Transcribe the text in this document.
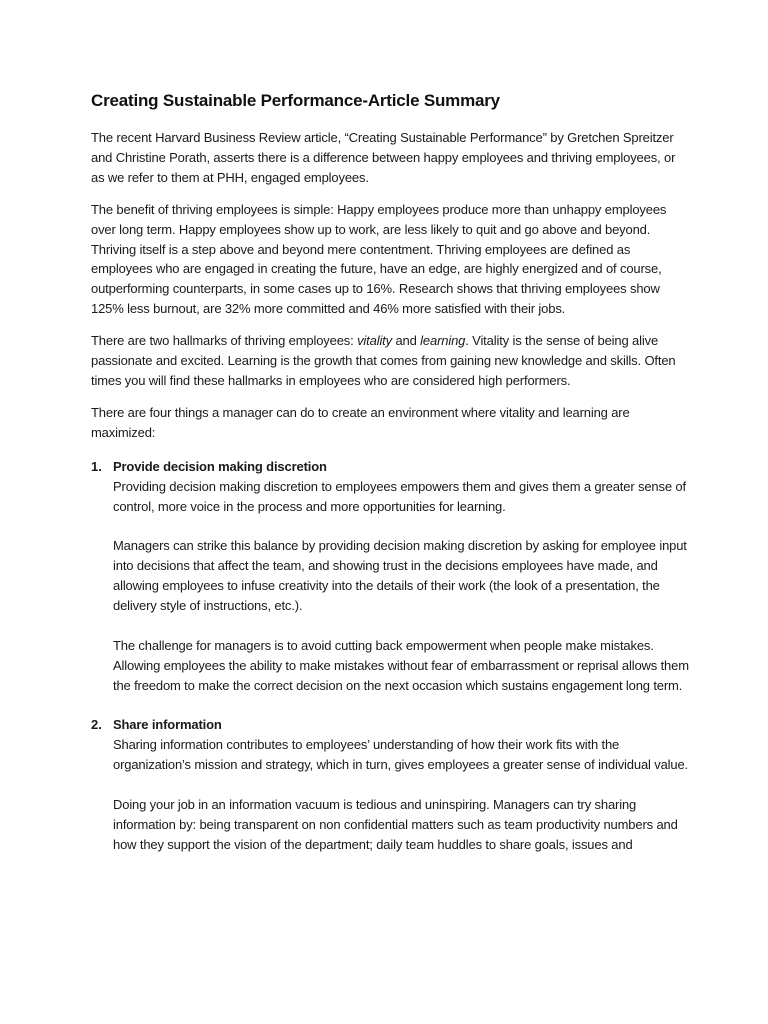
Creating Sustainable Performance-Article Summary

The recent Harvard Business Review article, “Creating Sustainable Performance” by Gretchen Spreitzer and Christine Porath, asserts there is a difference between happy employees and thriving employees, or as we refer to them at PHH, engaged employees.

The benefit of thriving employees is simple: Happy employees produce more than unhappy employees over long term. Happy employees show up to work, are less likely to quit and go above and beyond. Thriving itself is a step above and beyond mere contentment. Thriving employees are defined as employees who are engaged in creating the future, have an edge, are highly energized and of course, outperforming counterparts, in some cases up to 16%. Research shows that thriving employees show 125% less burnout, are 32% more committed and 46% more satisfied with their jobs.

There are two hallmarks of thriving employees: vitality and learning. Vitality is the sense of being alive passionate and excited. Learning is the growth that comes from gaining new knowledge and skills. Often times you will find these hallmarks in employees who are considered high performers.

There are four things a manager can do to create an environment where vitality and learning are maximized:

1. Provide decision making discretion

Providing decision making discretion to employees empowers them and gives them a greater sense of control, more voice in the process and more opportunities for learning.

Managers can strike this balance by providing decision making discretion by asking for employee input into decisions that affect the team, and showing trust in the decisions employees have made, and allowing employees to infuse creativity into the details of their work (the look of a presentation, the delivery style of instructions, etc.).

The challenge for managers is to avoid cutting back empowerment when people make mistakes. Allowing employees the ability to make mistakes without fear of embarrassment or reprisal allows them the freedom to make the correct decision on the next occasion which sustains engagement long term.

2. Share information

Sharing information contributes to employees’ understanding of how their work fits with the organization’s mission and strategy, which in turn, gives employees a greater sense of individual value.

Doing your job in an information vacuum is tedious and uninspiring. Managers can try sharing information by: being transparent on non confidential matters such as team productivity numbers and how they support the vision of the department; daily team huddles to share goals, issues and
